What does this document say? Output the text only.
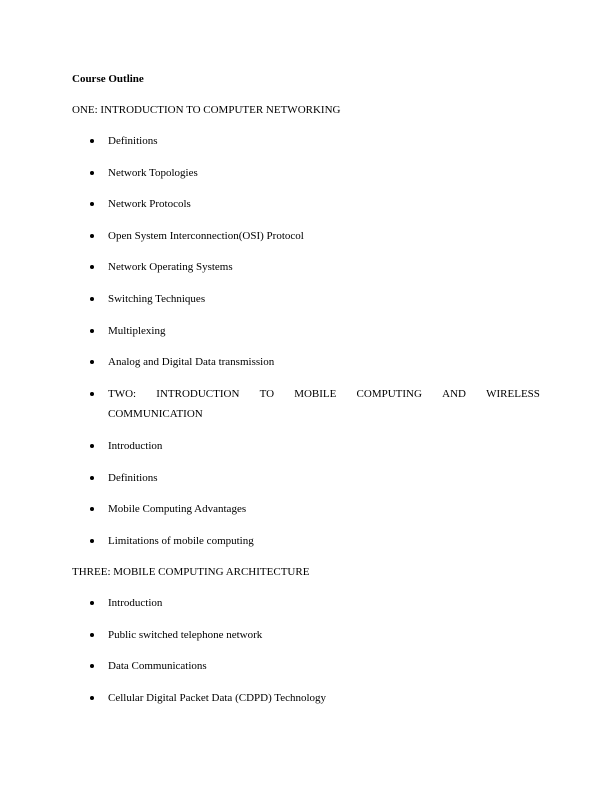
Course Outline
ONE: INTRODUCTION TO COMPUTER NETWORKING
Definitions
Network Topologies
Network Protocols
Open System Interconnection(OSI) Protocol
Network Operating Systems
Switching Techniques
Multiplexing
Analog and Digital Data transmission
TWO: INTRODUCTION TO MOBILE COMPUTING AND WIRELESS
COMMUNICATION
Introduction
Definitions
Mobile Computing Advantages
Limitations of mobile computing
THREE: MOBILE COMPUTING ARCHITECTURE
Introduction
Public switched telephone network
Data Communications
Cellular Digital Packet Data (CDPD) Technology
